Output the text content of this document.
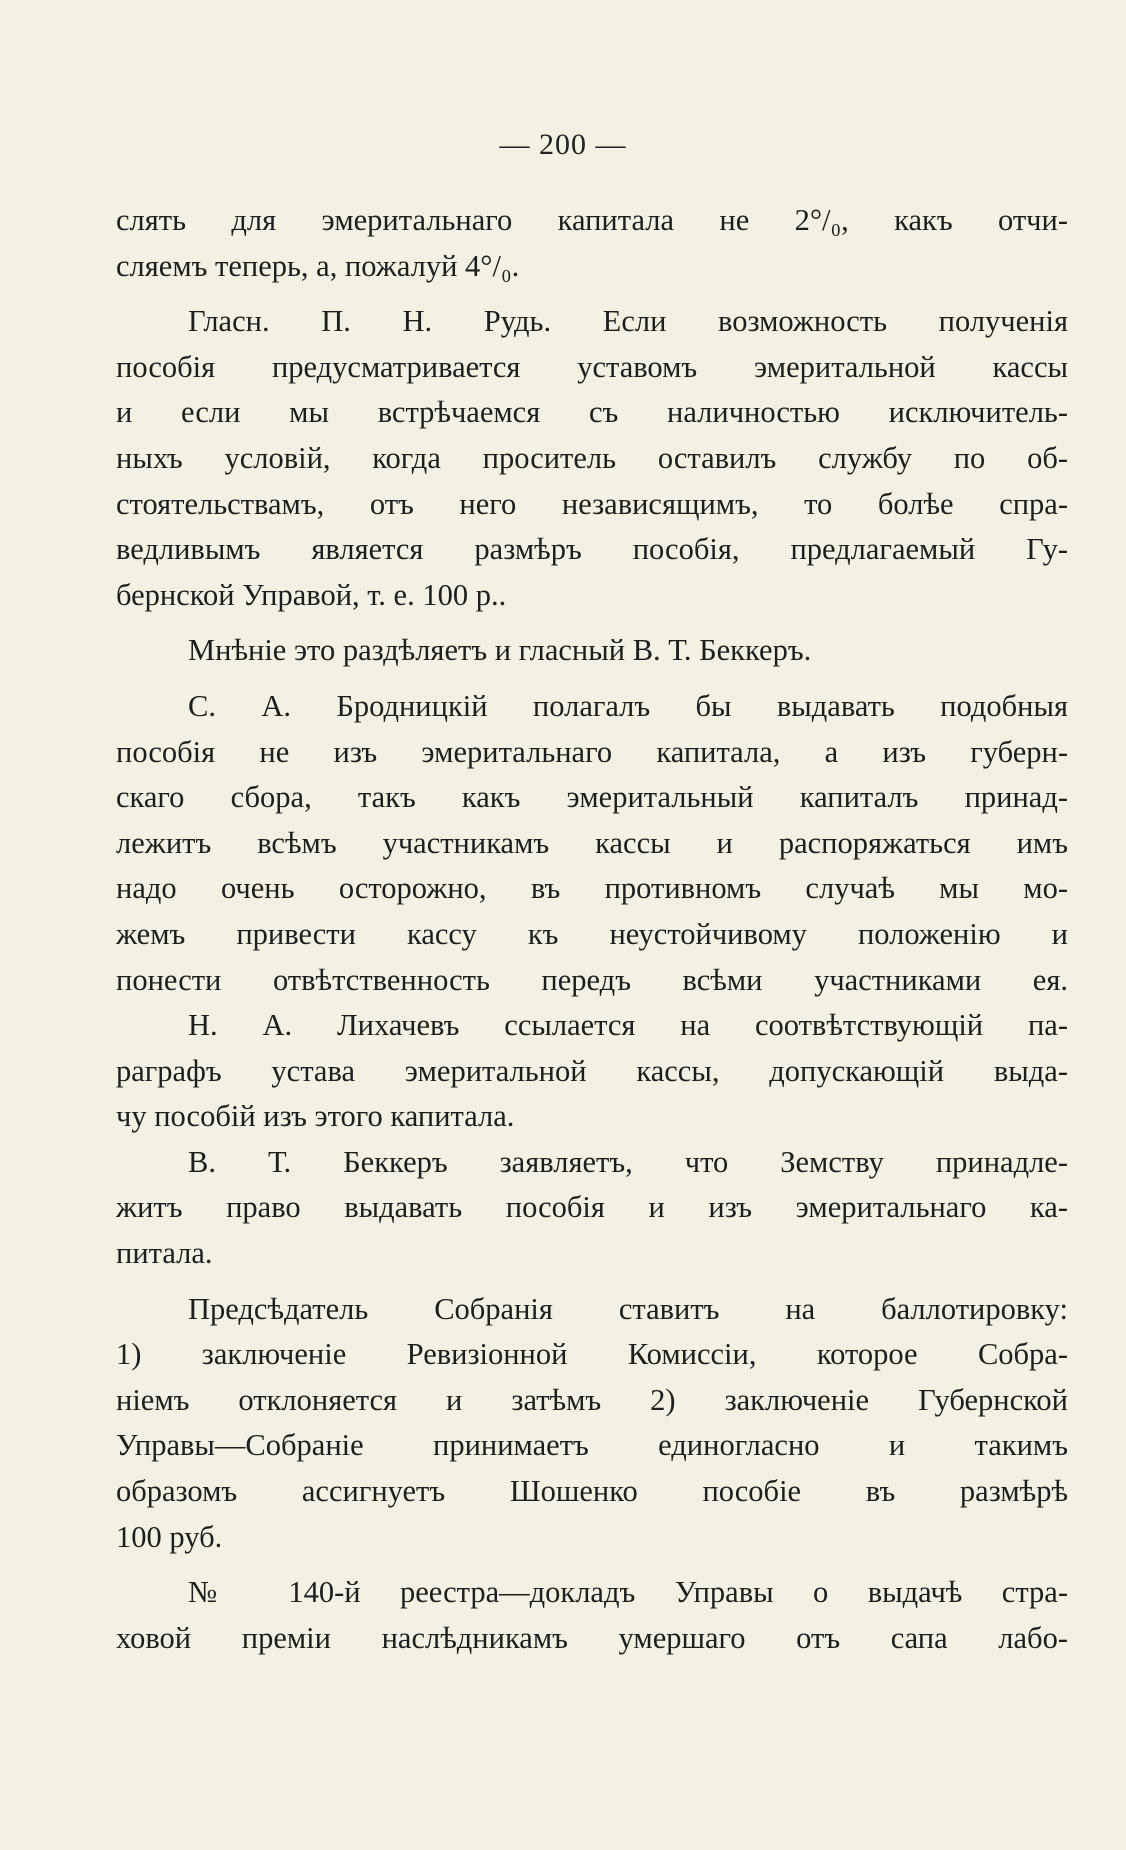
— 200 —
слять для эмеритальнаго капитала не 2°/₀, какъ отчи-
сляемъ теперь, а, пожалуй 4°/₀.
Гласн. П. Н. Рудь. Если возможность полученія
пособія предусматривается уставомъ эмеритальной кассы
и если мы встрѣчаемся съ наличностью исключитель-
ныхъ условій, когда проситель оставилъ службу по об-
стоятельствамъ, отъ него независящимъ, то болѣе спра-
ведливымъ является размѣръ пособія, предлагаемый Гу-
бернской Управой, т. е. 100 р..
Мнѣніе это раздѣляетъ и гласный В. Т. Беккеръ.
С. А. Бродницкій полагалъ бы выдавать подобныя
пособія не изъ эмеритальнаго капитала, а изъ губерн-
скаго сбора, такъ какъ эмеритальный капиталъ принад-
лежитъ всѣмъ участникамъ кассы и распоряжаться имъ
надо очень осторожно, въ противномъ случаѣ мы мо-
жемъ привести кассу къ неустойчивому положенію и
понести отвѣтственность передъ всѣми участниками ея.
Н. А. Лихачевъ ссылается на соотвѣтствующій па-
раграфъ устава эмеритальной кассы, допускающій выда-
чу пособій изъ этого капитала.
В. Т. Беккеръ заявляетъ, что Земству принадле-
житъ право выдавать пособія и изъ эмеритальнаго ка-
питала.
Предсѣдатель Собранія ставитъ на баллотировку:
1) заключеніе Ревизіонной Комиссіи, которое Собра-
ніемъ отклоняется и затѣмъ 2) заключеніе Губернской
Управы—Собраніе принимаетъ единогласно и такимъ
образомъ ассигнуетъ Шошенко пособіе въ размѣрѣ
100 руб.
№ 140-й реестра—докладъ Управы о выдачѣ стра-
ховой преміи наслѣдникамъ умершаго отъ сапа лабо-
